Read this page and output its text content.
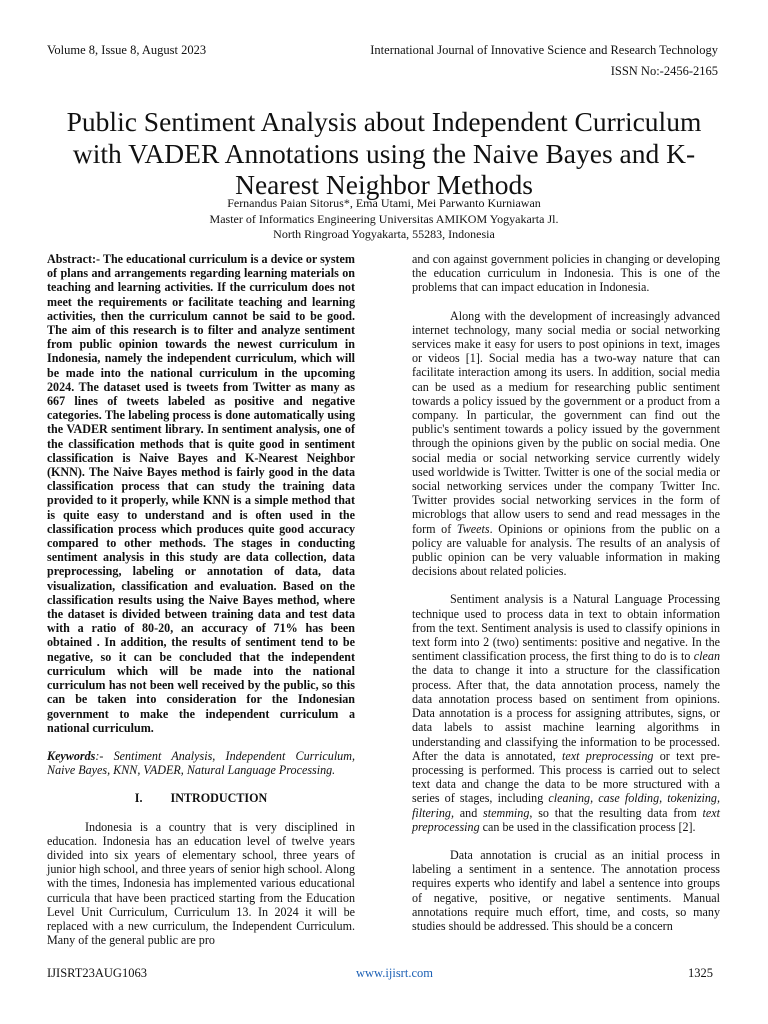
Volume 8, Issue 8, August 2023	International Journal of Innovative Science and Research Technology
ISSN No:-2456-2165
Public Sentiment Analysis about Independent Curriculum with VADER Annotations using the Naive Bayes and K-Nearest Neighbor Methods
Fernandus Paian Sitorus*, Ema Utami, Mei Parwanto Kurniawan
Master of Informatics Engineering Universitas AMIKOM Yogyakarta Jl.
North Ringroad Yogyakarta, 55283, Indonesia

Abstract:- The educational curriculum is a device or system of plans and arrangements regarding learning materials on teaching and learning activities. If the curriculum does not meet the requirements or facilitate teaching and learning activities, then the curriculum cannot be said to be good. The aim of this research is to filter and analyze sentiment from public opinion towards the newest curriculum in Indonesia, namely the independent curriculum, which will be made into the national curriculum in the upcoming 2024. The dataset used is tweets from Twitter as many as 667 lines of tweets labeled as positive and negative categories. The labeling process is done automatically using the VADER sentiment library. In sentiment analysis, one of the classification methods that is quite good in sentiment classification is Naive Bayes and K-Nearest Neighbor (KNN). The Naive Bayes method is fairly good in the data classification process that can study the training data provided to it properly, while KNN is a simple method that is quite easy to understand and is often used in the classification process which produces quite good accuracy compared to other methods. The stages in conducting sentiment analysis in this study are data collection, data preprocessing, labeling or annotation of data, data visualization, classification and evaluation. Based on the classification results using the Naive Bayes method, where the dataset is divided between training data and test data with a ratio of 80-20, an accuracy of 71% has been obtained . In addition, the results of sentiment tend to be negative, so it can be concluded that the independent curriculum which will be made into the national curriculum has not been well received by the public, so this can be taken into consideration for the Indonesian government to make the independent curriculum a national curriculum.

Keywords:- Sentiment Analysis, Independent Curriculum, Naive Bayes, KNN, VADER, Natural Language Processing.

I. INTRODUCTION

Indonesia is a country that is very disciplined in education. Indonesia has an education level of twelve years divided into six years of elementary school, three years of junior high school, and three years of senior high school. Along with the times, Indonesia has implemented various educational curricula that have been practiced starting from the Education Level Unit Curriculum, Curriculum 13. In 2024 it will be replaced with a new curriculum, the Independent Curriculum. Many of the general public are pro

and con against government policies in changing or developing the education curriculum in Indonesia. This is one of the problems that can impact education in Indonesia.

Along with the development of increasingly advanced internet technology, many social media or social networking services make it easy for users to post opinions in text, images or videos [1]. Social media has a two-way nature that can facilitate interaction among its users. In addition, social media can be used as a medium for researching public sentiment towards a policy issued by the government or a product from a company. In particular, the government can find out the public's sentiment towards a policy issued by the government through the opinions given by the public on social media. One social media or social networking service currently widely used worldwide is Twitter. Twitter is one of the social media or social networking services under the company Twitter Inc. Twitter provides social networking services in the form of microblogs that allow users to send and read messages in the form of Tweets. Opinions or opinions from the public on a policy are valuable for analysis. The results of an analysis of public opinion can be very valuable information in making decisions about related policies.

Sentiment analysis is a Natural Language Processing technique used to process data in text to obtain information from the text. Sentiment analysis is used to classify opinions in text form into 2 (two) sentiments: positive and negative. In the sentiment classification process, the first thing to do is to clean the data to change it into a structure for the classification process. After that, the data annotation process, namely the data annotation process based on sentiment from opinions. Data annotation is a process for assigning attributes, signs, or data labels to assist machine learning algorithms in understanding and classifying the information to be processed. After the data is annotated, text preprocessing or text pre-processing is performed. This process is carried out to select text data and change the data to be more structured with a series of stages, including cleaning, case folding, tokenizing, filtering, and stemming, so that the resulting data from text preprocessing can be used in the classification process [2].

Data annotation is crucial as an initial process in labeling a sentiment in a sentence. The annotation process requires experts who identify and label a sentence into groups of negative, positive, or negative sentiments. Manual annotations require much effort, time, and costs, so many studies should be addressed. This should be a concern

IJISRT23AUG1063	www.ijisrt.com	1325
